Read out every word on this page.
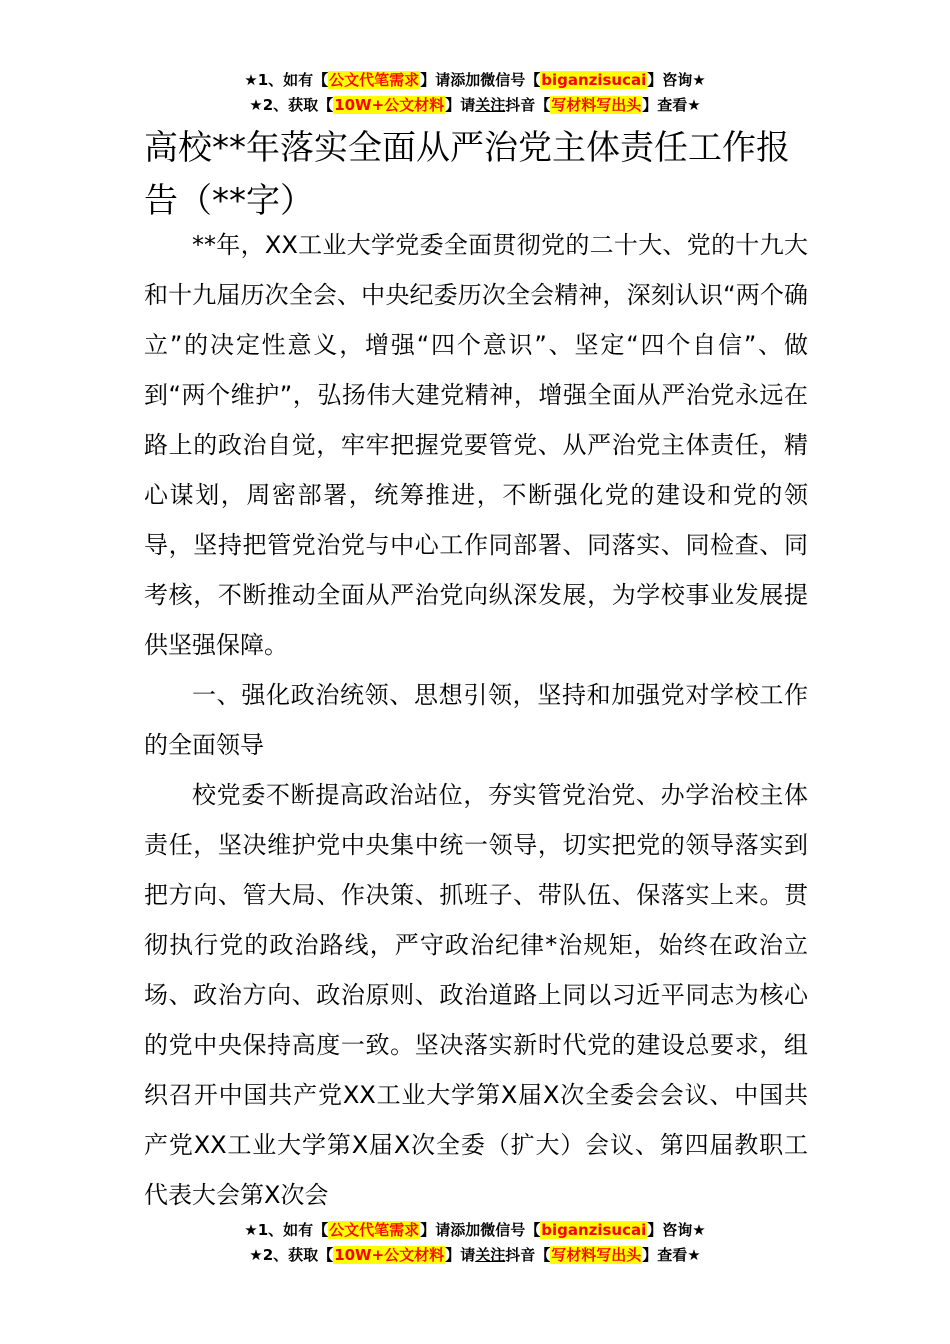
★1、如有【公文代笔需求】请添加微信号【biganzisucai】咨询★
★2、获取【10W+公文材料】请关注抖音【写材料写出头】查看★
高校**年落实全面从严治党主体责任工作报告（**字）

**年，XX工业大学党委全面贯彻党的二十大、党的十九大和十九届历次全会、中央纪委历次全会精神，深刻认识“两个确立”的决定性意义，增强“四个意识”、坚定“四个自信”、做到“两个维护”，弘扬伟大建党精神，增强全面从严治党永远在路上的政治自觉，牢牢把握党要管党、从严治党主体责任，精心谋划，周密部署，统筹推进，不断强化党的建设和党的领导，坚持把管党治党与中心工作同部署、同落实、同检查、同考核，不断推动全面从严治党向纵深发展，为学校事业发展提供坚强保障。

一、强化政治统领、思想引领，坚持和加强党对学校工作的全面领导

校党委不断提高政治站位，夯实管党治党、办学治校主体责任，坚决维护党中央集中统一领导，切实把党的领导落实到把方向、管大局、作决策、抓班子、带队伍、保落实上来。贯彻执行党的政治路线，严守政治纪律*治规矩，始终在政治立场、政治方向、政治原则、政治道路上同以习近平同志为核心的党中央保持高度一致。坚决落实新时代党的建设总要求，组织召开中国共产党XX工业大学第X届X次全委会会议、中国共产党XX工业大学第X届X次全委（扩大）会议、第四届教职工代表大会第X次会

★1、如有【公文代笔需求】请添加微信号【biganzisucai】咨询★
★2、获取【10W+公文材料】请关注抖音【写材料写出头】查看★
